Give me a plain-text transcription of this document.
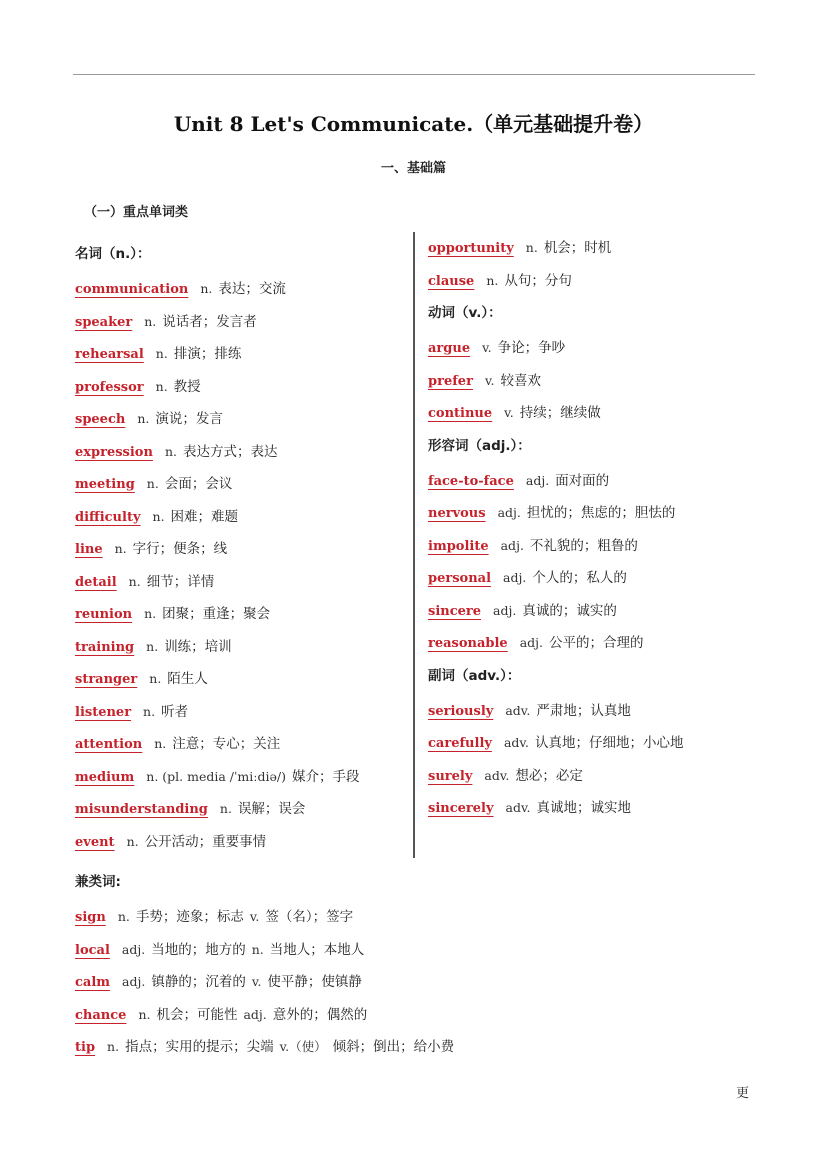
Unit 8 Let's Communicate.（单元基础提升卷）
一、基础篇
（一）重点单词类
名词（n.）：
communication n. 表达；交流
speaker n. 说话者；发言者
rehearsal n. 排演；排练
professor n. 教授
speech n. 演说；发言
expression n. 表达方式；表达
meeting n. 会面；会议
difficulty n. 困难；难题
line n. 字行；便条；线
detail n. 细节；详情
reunion n. 团聚；重逢；聚会
training n. 训练；培训
stranger n. 陌生人
listener n. 听者
attention n. 注意；专心；关注
medium n. (pl. media /ˈmiːdiə/) 媒介；手段
misunderstanding n. 误解；误会
event n. 公开活动；重要事情
opportunity n. 机会；时机
clause n. 从句；分句
动词（v.）：
argue v. 争论；争吵
prefer v. 较喜欢
continue v. 持续；继续做
形容词（adj.）：
face-to-face adj. 面对面的
nervous adj. 担忧的；焦虑的；胆怯的
impolite adj. 不礼貌的；粗鲁的
personal adj. 个人的；私人的
sincere adj. 真诚的；诚实的
reasonable adj. 公平的；合理的
副词（adv.）：
seriously adv. 严肃地；认真地
carefully adv. 认真地；仔细地；小心地
surely adv. 想必；必定
sincerely adv. 真诚地；诚实地
兼类词:
sign n. 手势；迹象；标志 v. 签（名）；签字
local adj. 当地的；地方的 n. 当地人；本地人
calm adj. 镇静的；沉着的 v. 使平静；使镇静
chance n. 机会；可能性 adj. 意外的；偶然的
tip n. 指点；实用的提示；尖端 v.（使） 倾斜；倒出；给小费
更
